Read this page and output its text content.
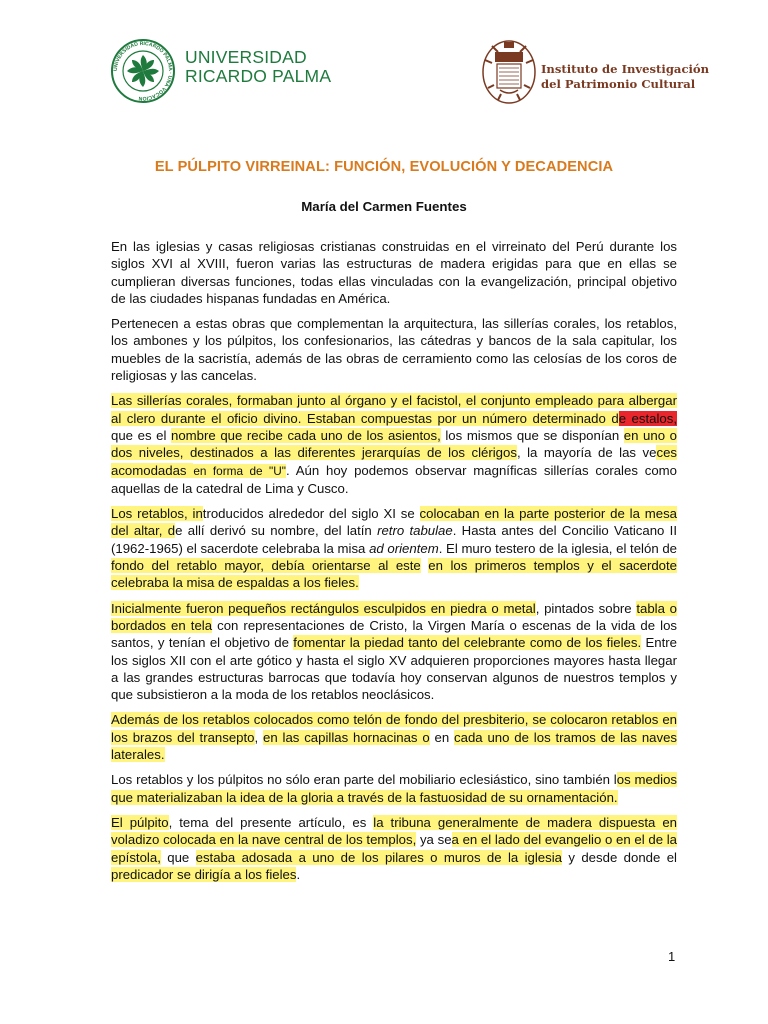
UNIVERSIDAD RICARDO PALMA · UNA VOCACIÓN
UNIVERSIDAD
RICARDO PALMA	Instituto de Investigación
del Patrimonio Cultural
EL PÚLPITO VIRREINAL: FUNCIÓN, EVOLUCIÓN Y DECADENCIA
María del Carmen Fuentes

En las iglesias y casas religiosas cristianas construidas en el virreinato del Perú durante los siglos XVI al XVIII, fueron varias las estructuras de madera erigidas para que en ellas se cumplieran diversas funciones, todas ellas vinculadas con la evangelización, principal objetivo de las ciudades hispanas fundadas en América.

Pertenecen a estas obras que complementan la arquitectura, las sillerías corales, los retablos, los ambones y los púlpitos, los confesionarios, las cátedras y bancos de la sala capitular, los muebles de la sacristía, además de las obras de cerramiento como las celosías de los coros de religiosas y las cancelas.

Las sillerías corales, formaban junto al órgano y el facistol, el conjunto empleado para albergar al clero durante el oficio divino. Estaban compuestas por un número determinado de estalos, que es el nombre que recibe cada uno de los asientos, los mismos que se disponían en uno o dos niveles, destinados a las diferentes jerarquías de los clérigos, la mayoría de las veces acomodadas en forma de "U". Aún hoy podemos observar magníficas sillerías corales como aquellas de la catedral de Lima y Cusco.

Los retablos, introducidos alrededor del siglo XI se colocaban en la parte posterior de la mesa del altar, de allí derivó su nombre, del latín retro tabulae. Hasta antes del Concilio Vaticano II (1962-1965) el sacerdote celebraba la misa ad orientem. El muro testero de la iglesia, el telón de fondo del retablo mayor, debía orientarse al este en los primeros templos y el sacerdote celebraba la misa de espaldas a los fieles.

Inicialmente fueron pequeños rectángulos esculpidos en piedra o metal, pintados sobre tabla o bordados en tela con representaciones de Cristo, la Virgen María o escenas de la vida de los santos, y tenían el objetivo de fomentar la piedad tanto del celebrante como de los fieles. Entre los siglos XII con el arte gótico y hasta el siglo XV adquieren proporciones mayores hasta llegar a las grandes estructuras barrocas que todavía hoy conservan algunos de nuestros templos y que subsistieron a la moda de los retablos neoclásicos.

Además de los retablos colocados como telón de fondo del presbiterio, se colocaron retablos en los brazos del transepto, en las capillas hornacinas o en cada uno de los tramos de las naves laterales.

Los retablos y los púlpitos no sólo eran parte del mobiliario eclesiástico, sino también los medios que materializaban la idea de la gloria a través de la fastuosidad de su ornamentación.

El púlpito, tema del presente artículo, es la tribuna generalmente de madera dispuesta en voladizo colocada en la nave central de los templos, ya sea en el lado del evangelio o en el de la epístola, que estaba adosada a uno de los pilares o muros de la iglesia y desde donde el predicador se dirigía a los fieles.

1
